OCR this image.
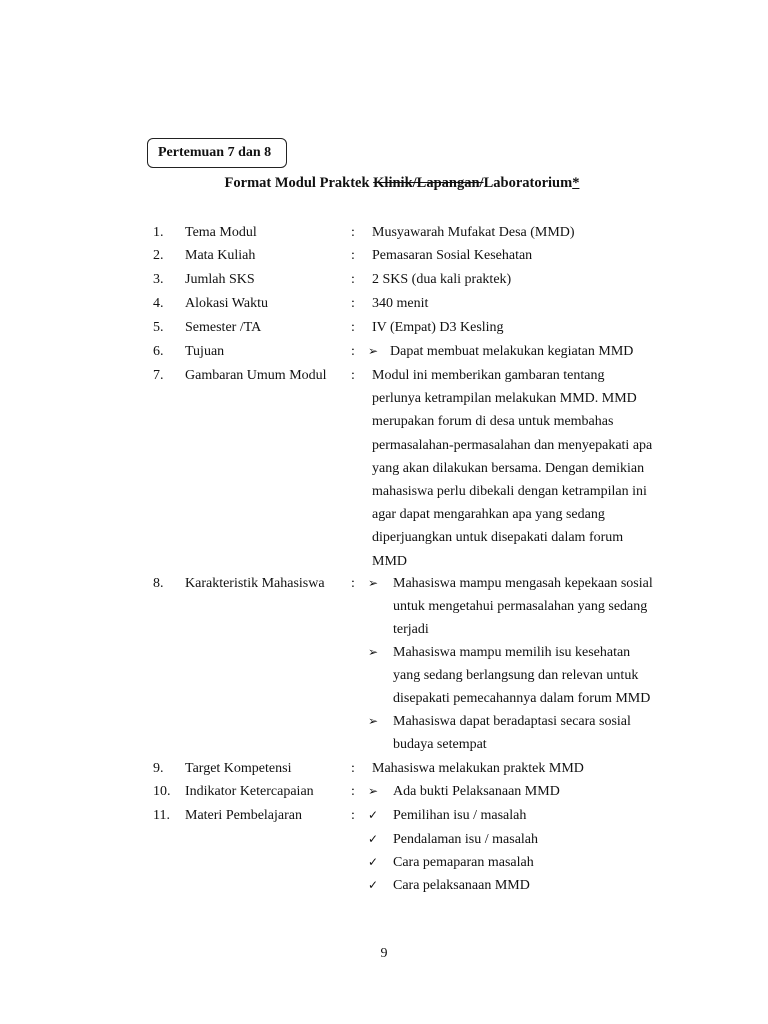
Pertemuan 7 dan 8
Format Modul Praktek Klinik/Lapangan/Laboratorium*
1. Tema Modul	: Musyawarah Mufakat Desa (MMD)
2. Mata Kuliah	: Pemasaran Sosial Kesehatan
3. Jumlah SKS	: 2 SKS (dua kali praktek)
4. Alokasi Waktu	: 340 menit
5. Semester /TA	: IV (Empat) D3 Kesling
6. Tujuan	: ➢ Dapat membuat melakukan kegiatan MMD
7. Gambaran Umum Modul : Modul ini memberikan gambaran tentang
perlunya ketrampilan melakukan MMD. MMD
merupakan forum di desa untuk membahas
permasalahan-permasalahan dan menyepakati apa
yang akan dilakukan bersama. Dengan demikian
mahasiswa perlu dibekali dengan ketrampilan ini
agar dapat mengarahkan apa yang sedang
diperjuangkan untuk disepakati dalam forum
MMD
8. Karakteristik Mahasiswa : ➢	Mahasiswa mampu mengasah kepekaan sosial
untuk mengetahui permasalahan yang sedang
terjadi
➢	Mahasiswa mampu memilih isu kesehatan
yang sedang berlangsung dan relevan untuk
disepakati pemecahannya dalam forum MMD
➢	Mahasiswa dapat beradaptasi secara sosial
budaya setempat
9. Target Kompetensi	: Mahasiswa melakukan praktek MMD
10. Indikator Ketercapaian	: ➢	Ada bukti Pelaksanaan MMD
11. Materi Pembelajaran	: ✓	Pemilihan isu / masalah
✓	Pendalaman isu / masalah
✓	Cara pemaparan masalah
✓	Cara pelaksanaan MMD
9
